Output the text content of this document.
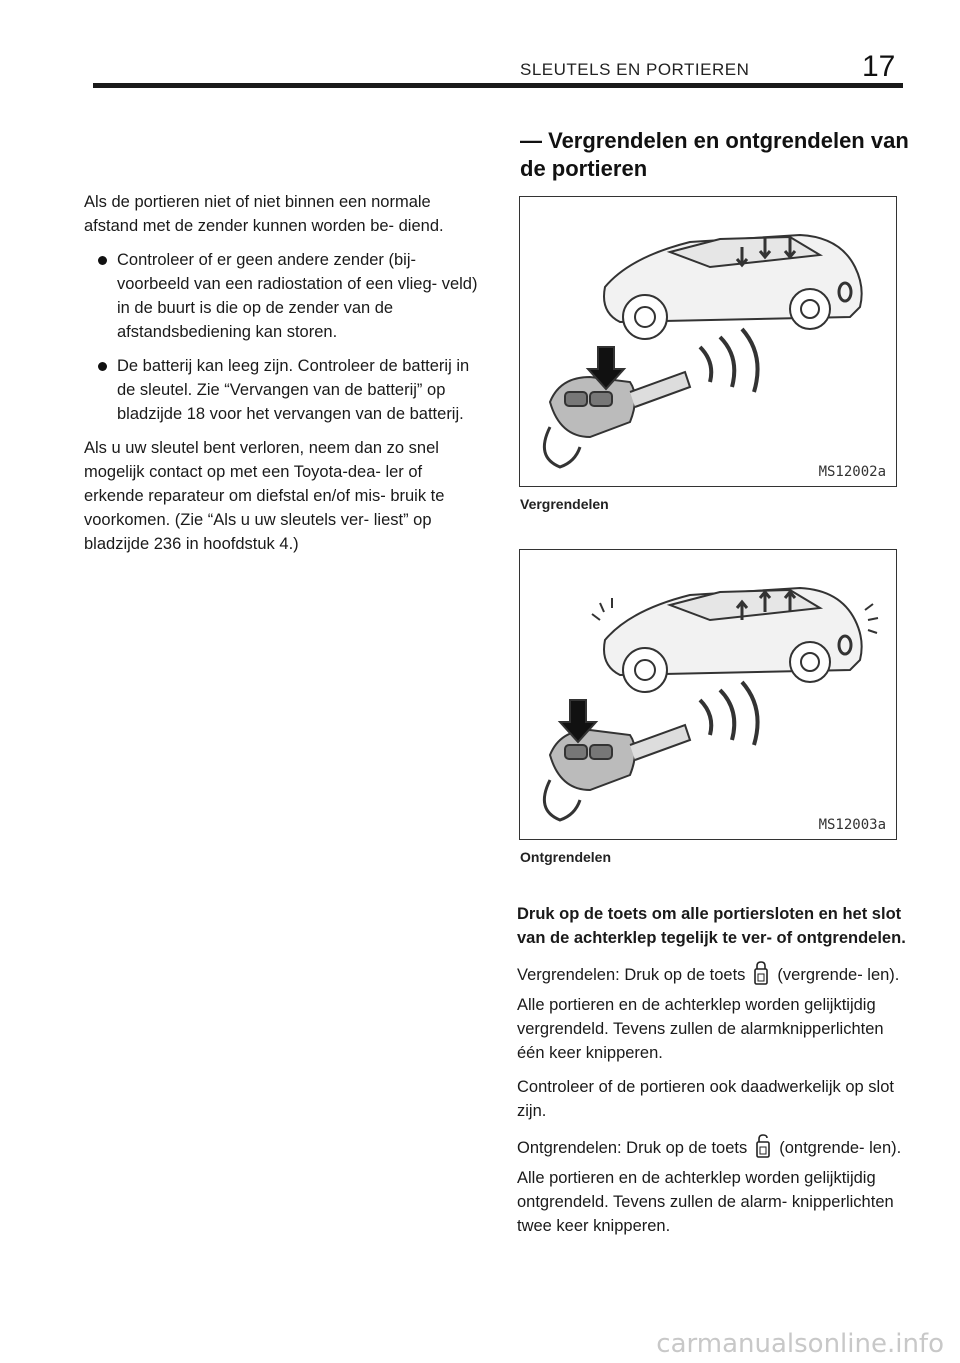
SLEUTELS EN PORTIEREN	17

Als de portieren niet of niet binnen een normale afstand met de zender kunnen worden be- diend.

Controleer of er geen andere zender (bij- voorbeeld van een radiostation of een vlieg- veld) in de buurt is die op de zender van de afstandsbediening kan storen.
De batterij kan leeg zijn. Controleer de batterij in de sleutel. Zie “Vervangen van de batterij” op bladzijde 18 voor het vervangen van de batterij.

Als u uw sleutel bent verloren, neem dan zo snel mogelijk contact op met een Toyota-dea- ler of erkende reparateur om diefstal en/of mis- bruik te voorkomen. (Zie “Als u uw sleutels ver- liest” op bladzijde 236 in hoofdstuk 4.)

— Vergrendelen en ontgrendelen van de portieren
MS12002a
Vergrendelen
MS12003a
Ontgrendelen

Druk op de toets om alle portiersloten en het slot van de achterklep tegelijk te ver- of ontgrendelen.

Vergrendelen: Druk op de toets (vergrende- len). Alle portieren en de achterklep worden gelijktijdig vergrendeld. Tevens zullen de alarmknipperlichten één keer knipperen.

Controleer of de portieren ook daadwerkelijk op slot zijn.

Ontgrendelen: Druk op de toets (ontgrende- len). Alle portieren en de achterklep worden gelijktijdig ontgrendeld. Tevens zullen de alarm- knipperlichten twee keer knipperen.

carmanualsonline.info
